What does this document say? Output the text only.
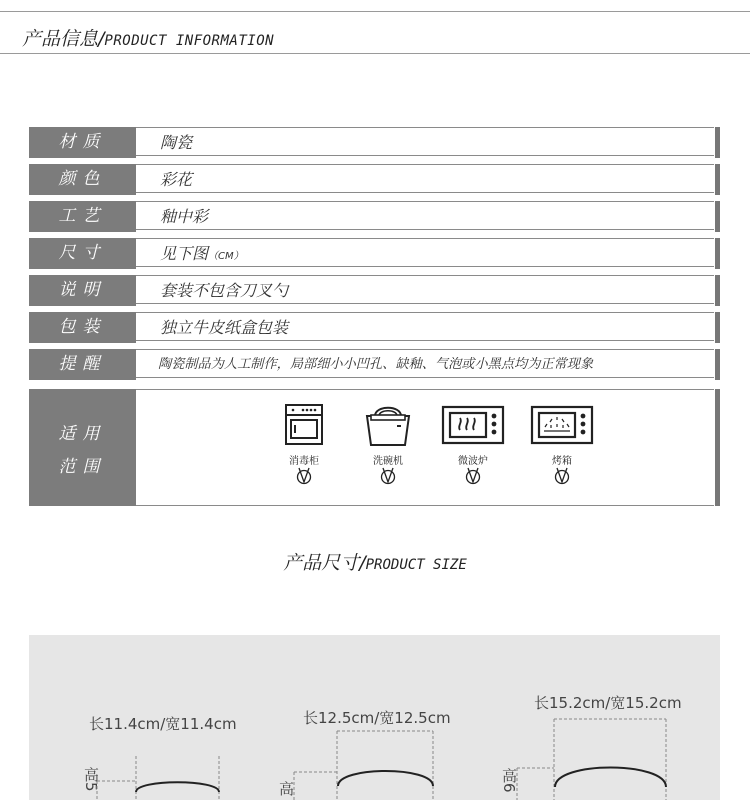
产品信息/PRODUCT INFORMATION
材质	陶瓷
颜色	彩花
工艺	釉中彩
尺寸	见下图（CM）
说明	套装不包含刀叉勺
包装	独立牛皮纸盒包装
提醒	陶瓷制品为人工制作，局部细小小凹孔、缺釉、气泡或小黑点均为正常现象
适用
范围	消毒柜	洗碗机	微波炉	烤箱
产品尺寸/PRODUCT SIZE
长11.4cm/宽11.4cm	长12.5cm/宽12.5cm
长15.2cm/宽15.2cm
高5	高	高6
